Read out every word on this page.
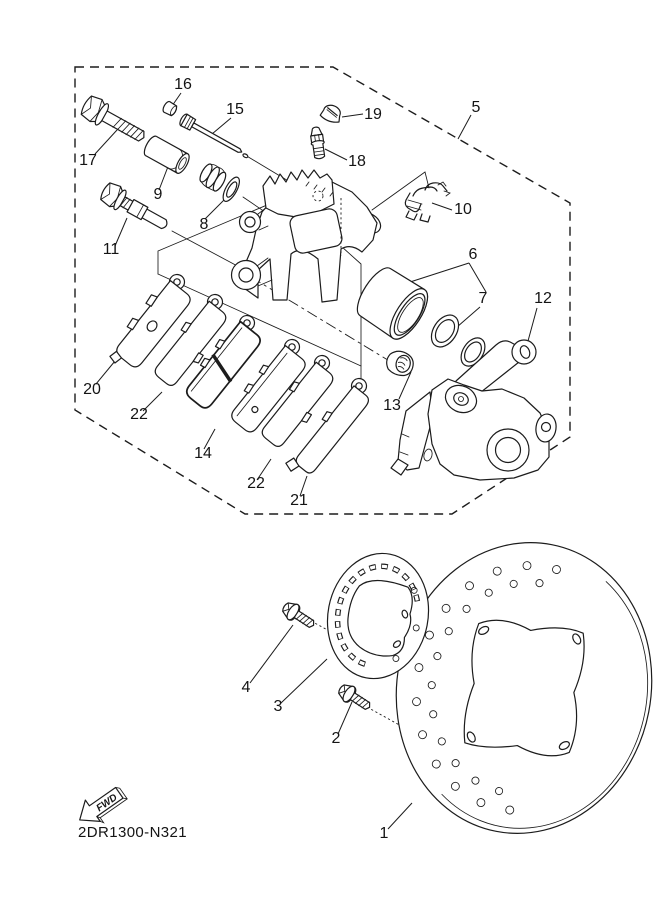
16
15	19
17	18
9
8
5
10
11	6
7	12
13
20
22
14
22
21
4
3
2
1
FWD
2DR1300-N321
